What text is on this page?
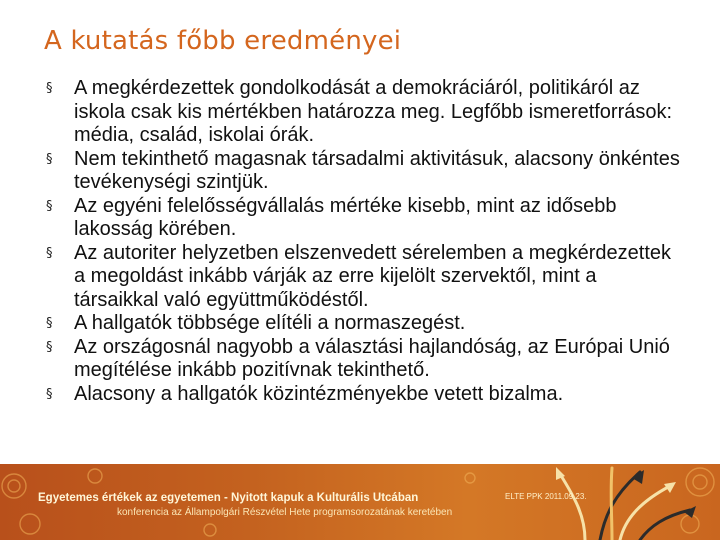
A kutatás főbb eredményei
§ A megkérdezettek gondolkodását a demokráciáról, politikáról az iskola csak kis mértékben határozza meg. Legfőbb ismeretforrások: média, család, iskolai órák.
§ Nem tekinthető magasnak társadalmi aktivitásuk, alacsony önkéntes tevékenységi szintjük.
§ Az egyéni felelősségvállalás mértéke kisebb, mint az idősebb lakosság körében.
§ Az autoriter helyzetben elszenvedett sérelemben a megkérdezettek a megoldást inkább várják az erre kijelölt szervektől, mint a társaikkal való együttműködéstől.
§ A hallgatók többsége elítéli a normaszegést.
§ Az országosnál nagyobb a választási hajlandóság, az Európai Unió megítélése inkább pozitívnak tekinthető.
§ Alacsony a hallgatók közintézményekbe vetett bizalma.
Egyetemes értékek az egyetemen - Nyitott kapuk a Kulturális Utcában
konferencia az Állampolgári Részvétel Hete programsorozatának keretében
ELTE PPK 2011.09.23.
